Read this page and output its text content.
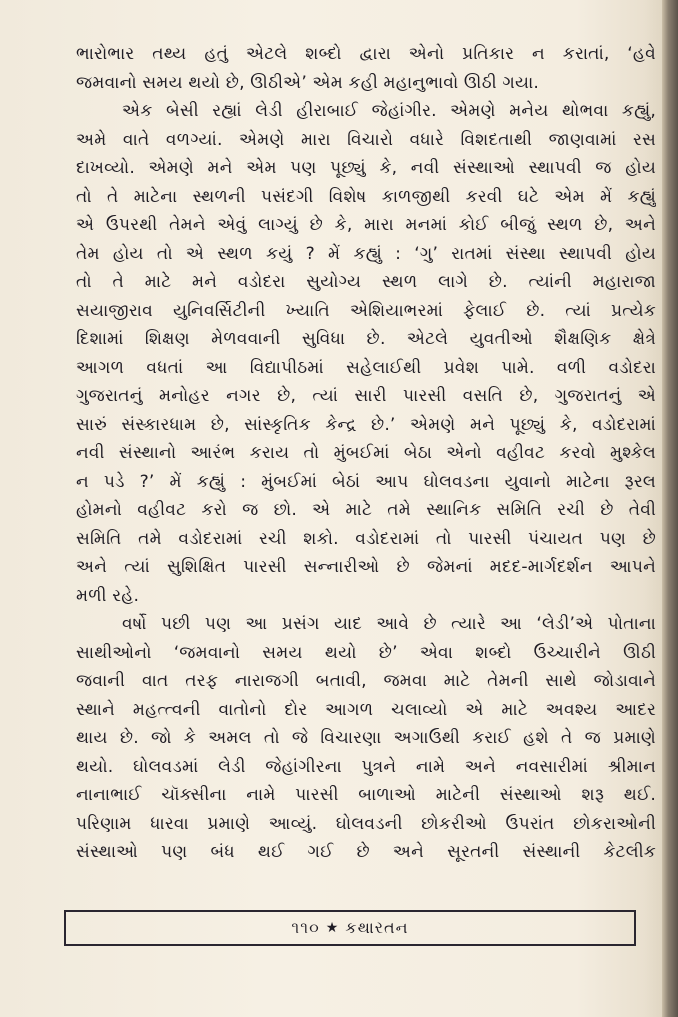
ભારોભાર તથ્ય હતું એટલે શબ્દો દ્વારા એનો પ્રતિકાર ન કરાતાં, ‘હવે
જમવાનો સમય થયો છે, ઊઠીએ’ એમ કહી મહાનુભાવો ઊઠી ગયા.
એક બેસી રહ્યાં લેડી હીરાબાઈ જેહાંગીર. એમણે મનેય થોભવા કહ્યું,
અમે વાતે વળગ્યાં. એમણે મારા વિચારો વધારે વિશદતાથી જાણવામાં રસ
દાખવ્યો. એમણે મને એમ પણ પૂછ્યું કે, નવી સંસ્થાઓ સ્થાપવી જ હોય
તો તે માટેના સ્થળની પસંદગી વિશેષ કાળજીથી કરવી ઘટે એમ મેં કહ્યું
એ ઉપરથી તેમને એવું લાગ્યું છે કે, મારા મનમાં કોઈ બીજું સ્થળ છે, અને
તેમ હોય તો એ સ્થળ કયું ? મેં કહ્યું : ‘ગુ’ રાતમાં સંસ્થા સ્થાપવી હોય
તો તે માટે મને વડોદરા સુયોગ્ય સ્થળ લાગે છે. ત્યાંની મહારાજા
સયાજીરાવ યુનિવર્સિટીની ખ્યાતિ એશિયાભરમાં ફેલાઈ છે. ત્યાં પ્રત્યેક
દિશામાં શિક્ષણ મેળવવાની સુવિધા છે. એટલે યુવતીઓ શૈક્ષણિક ક્ષેત્રે
આગળ વધતાં આ વિદ્યાપીઠમાં સહેલાઈથી પ્રવેશ પામે. વળી વડોદરા
ગુજરાતનું મનોહર નગર છે, ત્યાં સારી પારસી વસતિ છે, ગુજરાતનું એ
સારું સંસ્કારધામ છે, સાંસ્કૃતિક કેન્દ્ર છે.’ એમણે મને પૂછ્યું કે, વડોદરામાં
નવી સંસ્થાનો આરંભ કરાય તો મુંબઈમાં બેઠા એનો વહીવટ કરવો મુશ્કેલ
ન પડે ?’ મેં કહ્યું : મુંબઈમાં બેઠાં આપ ઘોલવડના યુવાનો માટેના રૂરલ
હોમનો વહીવટ કરો જ છો. એ માટે તમે સ્થાનિક સમિતિ રચી છે તેવી
સમિતિ તમે વડોદરામાં રચી શકો. વડોદરામાં તો પારસી પંચાયત પણ છે
અને ત્યાં સુશિક્ષિત પારસી સન્નારીઓ છે જેમનાં મદદ-માર્ગદર્શન આપને
મળી રહે.
વર્ષો પછી પણ આ પ્રસંગ યાદ આવે છે ત્યારે આ ‘લેડી’એ પોતાના
સાથીઓનો ‘જમવાનો સમય થયો છે’ એવા શબ્દો ઉચ્ચારીને ઊઠી
જવાની વાત તરફ નારાજગી બતાવી, જમવા માટે તેમની સાથે જોડાવાને
સ્થાને મહત્ત્વની વાતોનો દોર આગળ ચલાવ્યો એ માટે અવશ્ય આદર
થાય છે. જો કે અમલ તો જે વિચારણા અગાઉથી કરાઈ હશે તે જ પ્રમાણે
થયો. ઘોલવડમાં લેડી જેહાંગીરના પુત્રને નામે અને નવસારીમાં શ્રીમાન
નાનાભાઈ ચૉક્સીના નામે પારસી બાળાઓ માટેની સંસ્થાઓ શરૂ થઈ.
પરિણામ ધારવા પ્રમાણે આવ્યું. ઘોલવડની છોકરીઓ ઉપરાંત છોકરાઓની
સંસ્થાઓ પણ બંધ થઈ ગઈ છે અને સૂરતની સંસ્થાની કેટલીક
૧૧૦ ★ કથારતન
